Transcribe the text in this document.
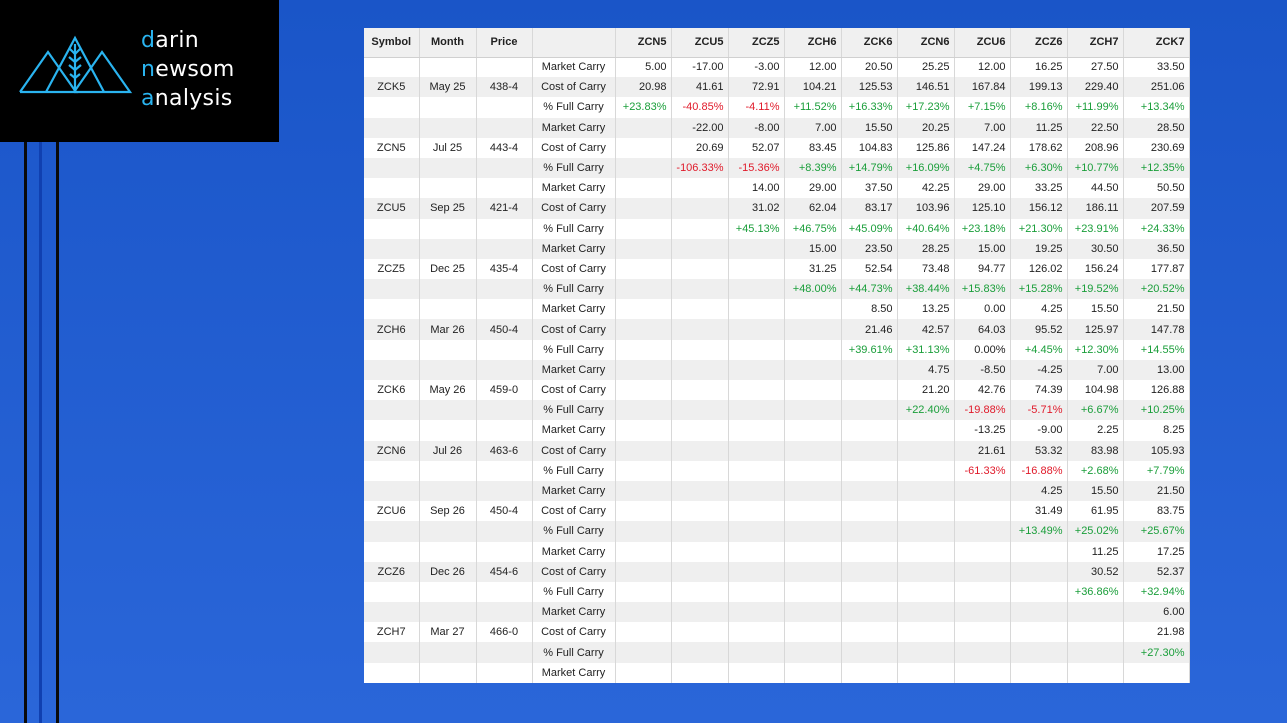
darin
newsom
analysis
Symbol	Month	Price		ZCN5	ZCU5	ZCZ5	ZCH6	ZCK6	ZCN6	ZCU6	ZCZ6	ZCH7	ZCK7
			Market Carry	5.00	-17.00	-3.00	12.00	20.50	25.25	12.00	16.25	27.50	33.50
ZCK5	May 25	438-4	Cost of Carry	20.98	41.61	72.91	104.21	125.53	146.51	167.84	199.13	229.40	251.06
			% Full Carry	+23.83%	-40.85%	-4.11%	+11.52%	+16.33%	+17.23%	+7.15%	+8.16%	+11.99%	+13.34%
			Market Carry		-22.00	-8.00	7.00	15.50	20.25	7.00	11.25	22.50	28.50
ZCN5	Jul 25	443-4	Cost of Carry		20.69	52.07	83.45	104.83	125.86	147.24	178.62	208.96	230.69
			% Full Carry		-106.33%	-15.36%	+8.39%	+14.79%	+16.09%	+4.75%	+6.30%	+10.77%	+12.35%
			Market Carry			14.00	29.00	37.50	42.25	29.00	33.25	44.50	50.50
ZCU5	Sep 25	421-4	Cost of Carry			31.02	62.04	83.17	103.96	125.10	156.12	186.11	207.59
			% Full Carry			+45.13%	+46.75%	+45.09%	+40.64%	+23.18%	+21.30%	+23.91%	+24.33%
			Market Carry				15.00	23.50	28.25	15.00	19.25	30.50	36.50
ZCZ5	Dec 25	435-4	Cost of Carry				31.25	52.54	73.48	94.77	126.02	156.24	177.87
			% Full Carry				+48.00%	+44.73%	+38.44%	+15.83%	+15.28%	+19.52%	+20.52%
			Market Carry					8.50	13.25	0.00	4.25	15.50	21.50
ZCH6	Mar 26	450-4	Cost of Carry					21.46	42.57	64.03	95.52	125.97	147.78
			% Full Carry					+39.61%	+31.13%	0.00%	+4.45%	+12.30%	+14.55%
			Market Carry						4.75	-8.50	-4.25	7.00	13.00
ZCK6	May 26	459-0	Cost of Carry						21.20	42.76	74.39	104.98	126.88
			% Full Carry						+22.40%	-19.88%	-5.71%	+6.67%	+10.25%
			Market Carry							-13.25	-9.00	2.25	8.25
ZCN6	Jul 26	463-6	Cost of Carry							21.61	53.32	83.98	105.93
			% Full Carry							-61.33%	-16.88%	+2.68%	+7.79%
			Market Carry								4.25	15.50	21.50
ZCU6	Sep 26	450-4	Cost of Carry								31.49	61.95	83.75
			% Full Carry								+13.49%	+25.02%	+25.67%
			Market Carry									11.25	17.25
ZCZ6	Dec 26	454-6	Cost of Carry									30.52	52.37
			% Full Carry									+36.86%	+32.94%
			Market Carry										6.00
ZCH7	Mar 27	466-0	Cost of Carry										21.98
			% Full Carry										+27.30%
			Market Carry										
